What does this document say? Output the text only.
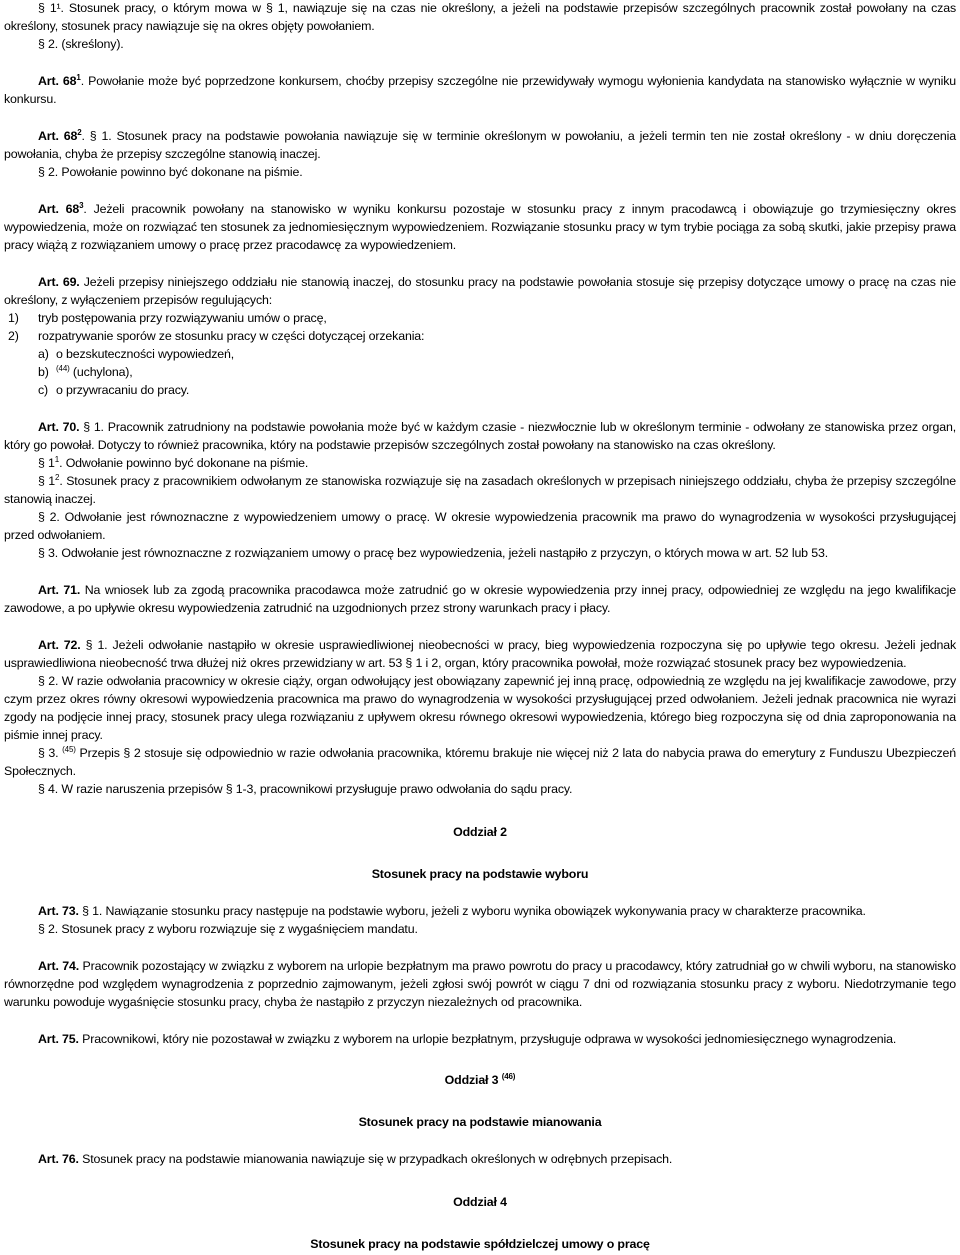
§ 1¹. Stosunek pracy, o którym mowa w § 1, nawiązuje się na czas nie określony, a jeżeli na podstawie przepisów szczególnych pracownik został powołany na czas określony, stosunek pracy nawiązuje się na okres objęty powołaniem.

§ 2. (skreślony).

Art. $68^1$. Powołanie może być poprzedzone konkursem, choćby przepisy szczególne nie przewidywały wymogu wyłonienia kandydata na stanowisko wyłącznie w wyniku konkursu.

Art. $68^2$. § 1. Stosunek pracy na podstawie powołania nawiązuje się w terminie określonym w powołaniu, a jeżeli termin ten nie został określony - w dniu doręczenia powołania, chyba że przepisy szczególne stanowią inaczej.

§ 2. Powołanie powinno być dokonane na piśmie.

Art. $68^3$. Jeżeli pracownik powołany na stanowisko w wyniku konkursu pozostaje w stosunku pracy z innym pracodawcą i obowiązuje go trzymiesięczny okres wypowiedzenia, może on rozwiązać ten stosunek za jednomiesięcznym wypowiedzeniem. Rozwiązanie stosunku pracy w tym trybie pociąga za sobą skutki, jakie przepisy prawa pracy wiążą z rozwiązaniem umowy o pracę przez pracodawcę za wypowiedzeniem.

Art. 69. Jeżeli przepisy niniejszego oddziału nie stanowią inaczej, do stosunku pracy na podstawie powołania stosuje się przepisy dotyczące umowy o pracę na czas nie określony, z wyłączeniem przepisów regulujących:

1) tryb postępowania przy rozwiązywaniu umów o pracę,
2) rozpatrywanie sporów ze stosunku pracy w części dotyczącej orzekania:
a) o bezskuteczności wypowiedzeń,
b) $^{(44)}$ (uchylona),
c) o przywracaniu do pracy.

Art. 70. § 1. Pracownik zatrudniony na podstawie powołania może być w każdym czasie - niezwłocznie lub w określonym terminie - odwołany ze stanowiska przez organ, który go powołał. Dotyczy to również pracownika, który na podstawie przepisów szczególnych został powołany na stanowisko na czas określony.

§ $1^1$. Odwołanie powinno być dokonane na piśmie.

§ $1^2$. Stosunek pracy z pracownikiem odwołanym ze stanowiska rozwiązuje się na zasadach określonych w przepisach niniejszego oddziału, chyba że przepisy szczególne stanowią inaczej.

§ 2. Odwołanie jest równoznaczne z wypowiedzeniem umowy o pracę. W okresie wypowiedzenia pracownik ma prawo do wynagrodzenia w wysokości przysługującej przed odwołaniem.

§ 3. Odwołanie jest równoznaczne z rozwiązaniem umowy o pracę bez wypowiedzenia, jeżeli nastąpiło z przyczyn, o których mowa w art. 52 lub 53.

Art. 71. Na wniosek lub za zgodą pracownika pracodawca może zatrudnić go w okresie wypowiedzenia przy innej pracy, odpowiedniej ze względu na jego kwalifikacje zawodowe, a po upływie okresu wypowiedzenia zatrudnić na uzgodnionych przez strony warunkach pracy i płacy.

Art. 72. § 1. Jeżeli odwołanie nastąpiło w okresie usprawiedliwionej nieobecności w pracy, bieg wypowiedzenia rozpoczyna się po upływie tego okresu. Jeżeli jednak usprawiedliwiona nieobecność trwa dłużej niż okres przewidziany w art. 53 § 1 i 2, organ, który pracownika powołał, może rozwiązać stosunek pracy bez wypowiedzenia.

§ 2. W razie odwołania pracownicy w okresie ciąży, organ odwołujący jest obowiązany zapewnić jej inną pracę, odpowiednią ze względu na jej kwalifikacje zawodowe, przy czym przez okres równy okresowi wypowiedzenia pracownica ma prawo do wynagrodzenia w wysokości przysługującej przed odwołaniem. Jeżeli jednak pracownica nie wyrazi zgody na podjęcie innej pracy, stosunek pracy ulega rozwiązaniu z upływem okresu równego okresowi wypowiedzenia, którego bieg rozpoczyna się od dnia zaproponowania na piśmie innej pracy.

§ 3. $^{(45)}$ Przepis § 2 stosuje się odpowiednio w razie odwołania pracownika, któremu brakuje nie więcej niż 2 lata do nabycia prawa do emerytury z Funduszu Ubezpieczeń Społecznych.

§ 4. W razie naruszenia przepisów § 1-3, pracownikowi przysługuje prawo odwołania do sądu pracy.

Oddział 2

Stosunek pracy na podstawie wyboru

Art. 73. § 1. Nawiązanie stosunku pracy następuje na podstawie wyboru, jeżeli z wyboru wynika obowiązek wykonywania pracy w charakterze pracownika.

§ 2. Stosunek pracy z wyboru rozwiązuje się z wygaśnięciem mandatu.

Art. 74. Pracownik pozostający w związku z wyborem na urlopie bezpłatnym ma prawo powrotu do pracy u pracodawcy, który zatrudniał go w chwili wyboru, na stanowisko równorzędne pod względem wynagrodzenia z poprzednio zajmowanym, jeżeli zgłosi swój powrót w ciągu 7 dni od rozwiązania stosunku pracy z wyboru. Niedotrzymanie tego warunku powoduje wygaśnięcie stosunku pracy, chyba że nastąpiło z przyczyn niezależnych od pracownika.

Art. 75. Pracownikowi, który nie pozostawał w związku z wyborem na urlopie bezpłatnym, przysługuje odprawa w wysokości jednomiesięcznego wynagrodzenia.

Oddział 3 $^{(46)}$

Stosunek pracy na podstawie mianowania

Art. 76. Stosunek pracy na podstawie mianowania nawiązuje się w przypadkach określonych w odrębnych przepisach.

Oddział 4

Stosunek pracy na podstawie spółdzielczej umowy o pracę
